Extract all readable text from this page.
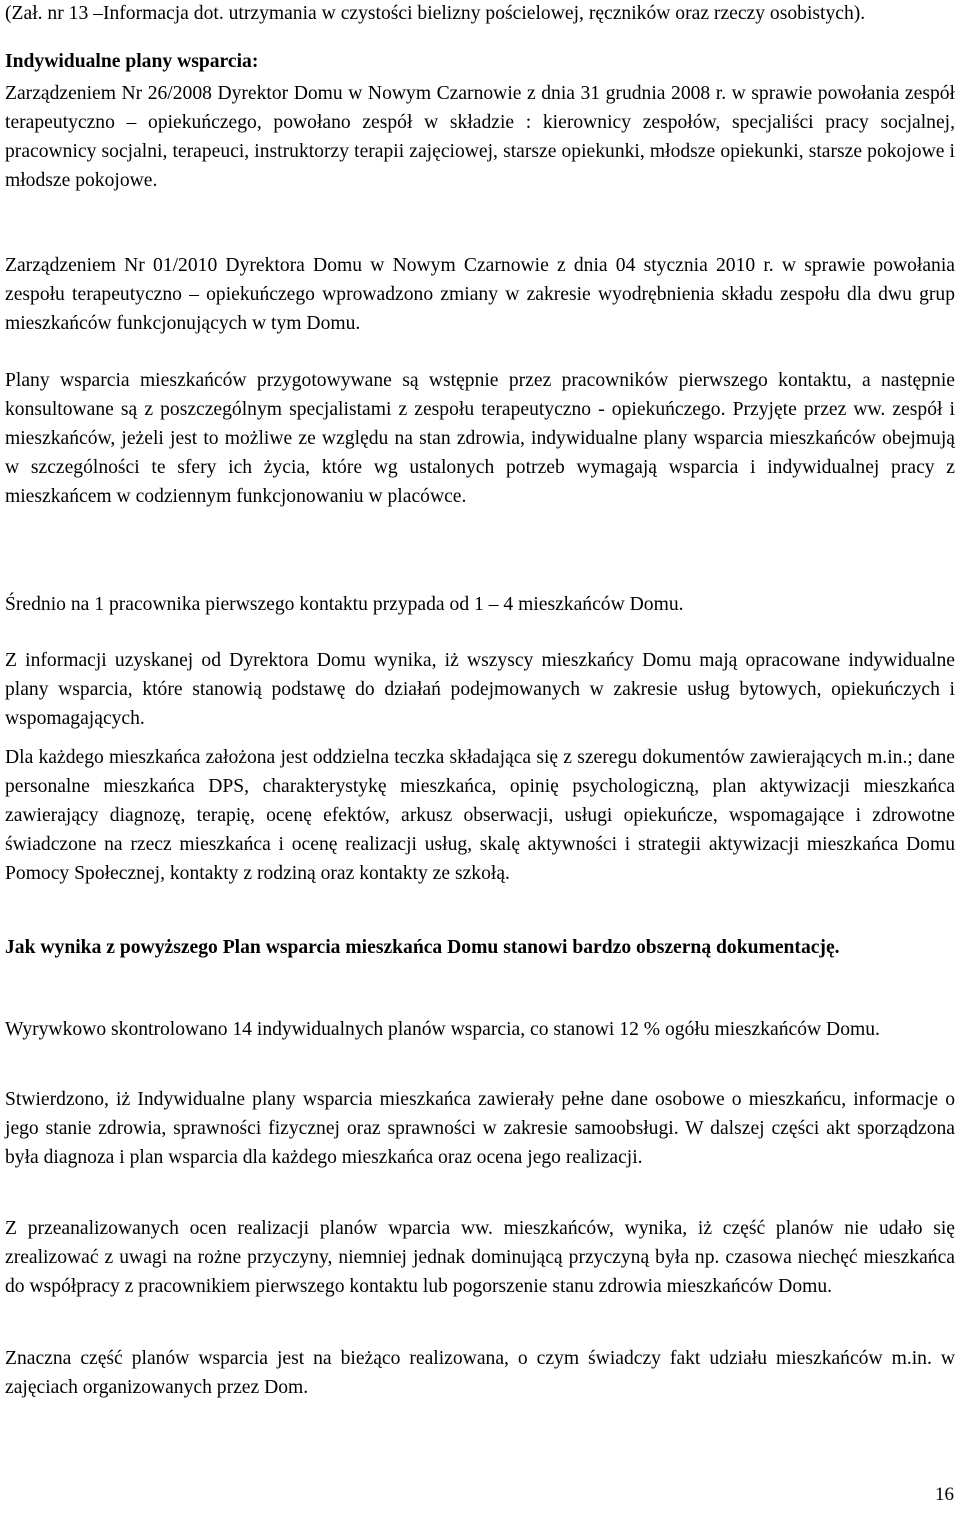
(Zał. nr 13 –Informacja dot. utrzymania w czystości bielizny pościelowej, ręczników oraz rzeczy osobistych).

Indywidualne plany wsparcia:

Zarządzeniem Nr 26/2008 Dyrektor Domu w Nowym Czarnowie z dnia 31 grudnia 2008 r. w sprawie powołania zespół terapeutyczno – opiekuńczego, powołano zespół w składzie : kierownicy zespołów, specjaliści pracy socjalnej, pracownicy socjalni, terapeuci, instruktorzy terapii zajęciowej, starsze opiekunki, młodsze opiekunki, starsze pokojowe i młodsze pokojowe.

Zarządzeniem Nr 01/2010 Dyrektora Domu w Nowym Czarnowie z dnia 04 stycznia 2010 r. w sprawie powołania zespołu terapeutyczno – opiekuńczego wprowadzono zmiany w zakresie wyodrębnienia składu zespołu dla dwu grup mieszkańców funkcjonujących w tym Domu.

Plany wsparcia mieszkańców przygotowywane są wstępnie przez pracowników pierwszego kontaktu, a następnie konsultowane są z poszczególnym specjalistami z zespołu terapeutyczno - opiekuńczego. Przyjęte przez ww. zespół i mieszkańców, jeżeli jest to możliwe ze względu na stan zdrowia, indywidualne plany wsparcia mieszkańców obejmują w szczególności te sfery ich życia, które wg ustalonych potrzeb wymagają wsparcia i indywidualnej pracy z mieszkańcem w codziennym funkcjonowaniu w placówce.

Średnio na 1 pracownika pierwszego kontaktu przypada od 1 – 4 mieszkańców Domu.

Z informacji uzyskanej od Dyrektora Domu wynika, iż wszyscy mieszkańcy Domu mają opracowane indywidualne plany wsparcia, które stanowią podstawę do działań podejmowanych w zakresie usług bytowych, opiekuńczych i wspomagających.

Dla każdego mieszkańca założona jest oddzielna teczka składająca się z szeregu dokumentów zawierających m.in.; dane personalne mieszkańca DPS, charakterystykę mieszkańca, opinię psychologiczną, plan aktywizacji mieszkańca zawierający diagnozę, terapię, ocenę efektów, arkusz obserwacji, usługi opiekuńcze, wspomagające i zdrowotne świadczone na rzecz mieszkańca i ocenę realizacji usług, skalę aktywności i strategii aktywizacji mieszkańca Domu Pomocy Społecznej, kontakty z rodziną oraz kontakty ze szkołą.

Jak wynika z powyższego Plan wsparcia mieszkańca Domu stanowi bardzo obszerną dokumentację.

Wyrywkowo skontrolowano 14 indywidualnych planów wsparcia, co stanowi 12 % ogółu mieszkańców Domu.

Stwierdzono, iż Indywidualne plany wsparcia mieszkańca zawierały pełne dane osobowe o mieszkańcu, informacje o jego stanie zdrowia, sprawności fizycznej oraz sprawności w zakresie samoobsługi. W dalszej części akt sporządzona była diagnoza i plan wsparcia dla każdego mieszkańca oraz ocena jego realizacji.

Z przeanalizowanych ocen realizacji planów wparcia ww. mieszkańców, wynika, iż część planów nie udało się zrealizować z uwagi na rożne przyczyny, niemniej jednak dominującą przyczyną była np. czasowa niechęć mieszkańca do współpracy z pracownikiem pierwszego kontaktu lub pogorszenie stanu zdrowia mieszkańców Domu.

Znaczna część planów wsparcia jest na bieżąco realizowana, o czym świadczy fakt udziału mieszkańców m.in. w zajęciach organizowanych przez Dom.

16
